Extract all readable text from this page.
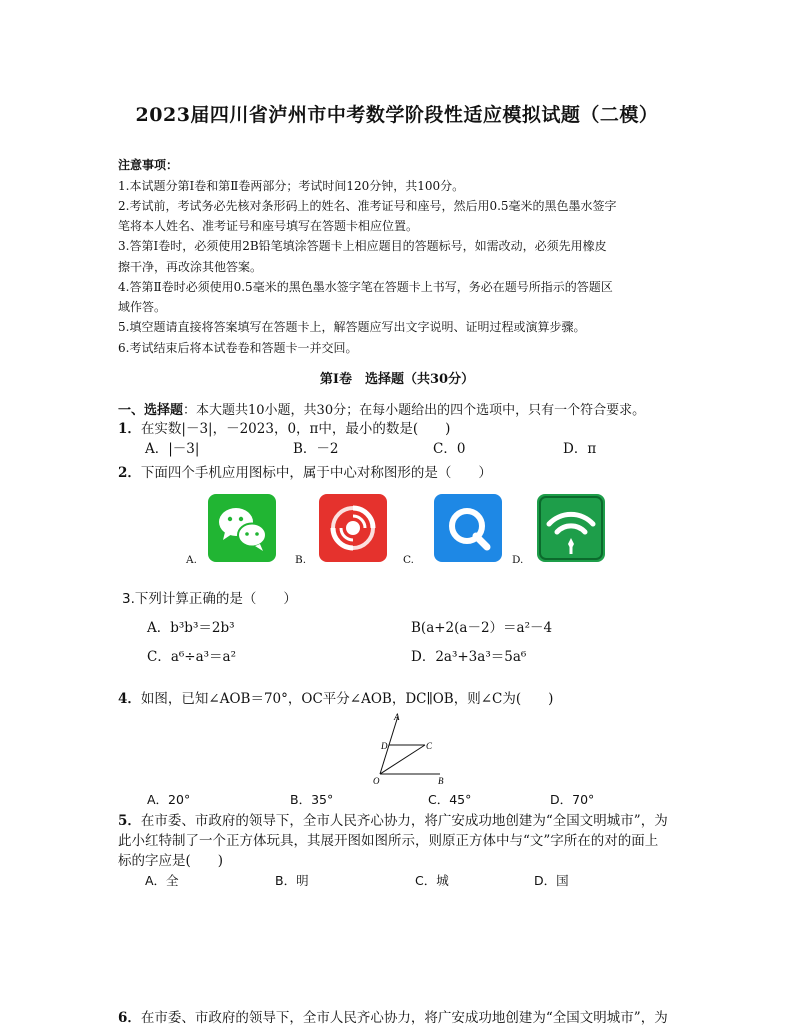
2023届四川省泸州市中考数学阶段性适应模拟试题（二模）
注意事项：
1.本试题分第Ⅰ卷和第Ⅱ卷两部分；考试时间120分钟，共100分。
2.考试前，考试务必先核对条形码上的姓名、准考证号和座号，然后用0.5毫米的黑色墨水签字
笔将本人姓名、准考证号和座号填写在答题卡相应位置。
3.答第Ⅰ卷时，必须使用2B铅笔填涂答题卡上相应题目的答题标号，如需改动，必须先用橡皮
擦干净，再改涂其他答案。
4.答第Ⅱ卷时必须使用0.5毫米的黑色墨水签字笔在答题卡上书写，务必在题号所指示的答题区
域作答。
5.填空题请直接将答案填写在答题卡上，解答题应写出文字说明、证明过程或演算步骤。
6.考试结束后将本试卷卷和答题卡一并交回。
第Ⅰ卷　选择题（共30分）
一、选择题：本大题共10小题，共30分；在每小题给出的四个选项中，只有一个符合要求。
1．在实数|－3|，－2023，0，π中，最小的数是(　　)
A．|－3|	B．－2	C．0	D．π
2．下面四个手机应用图标中，属于中心对称图形的是（　　）
A.	B.	C.	D.
3.下列计算正确的是（　　）
A．b³b³＝2b³	B(a+2(a－2）＝a²－4
C．a⁶÷a³＝a²	D．2a³+3a³＝5a⁶
4．如图，已知∠AOB＝70°，OC平分∠AOB，DC∥OB，则∠C为(　　)
A
D	C
O	B
A．20°	B．35°	C．45°	D．70°
5．在市委、市政府的领导下，全市人民齐心协力，将广安成功地创建为“全国文明城市”，为
此小红特制了一个正方体玩具，其展开图如图所示，则原正方体中与“文”字所在的对的面上
标的字应是(　　)
A．全	B．明	C．城	D．国
6．在市委、市政府的领导下，全市人民齐心协力，将广安成功地创建为“全国文明城市”，为
